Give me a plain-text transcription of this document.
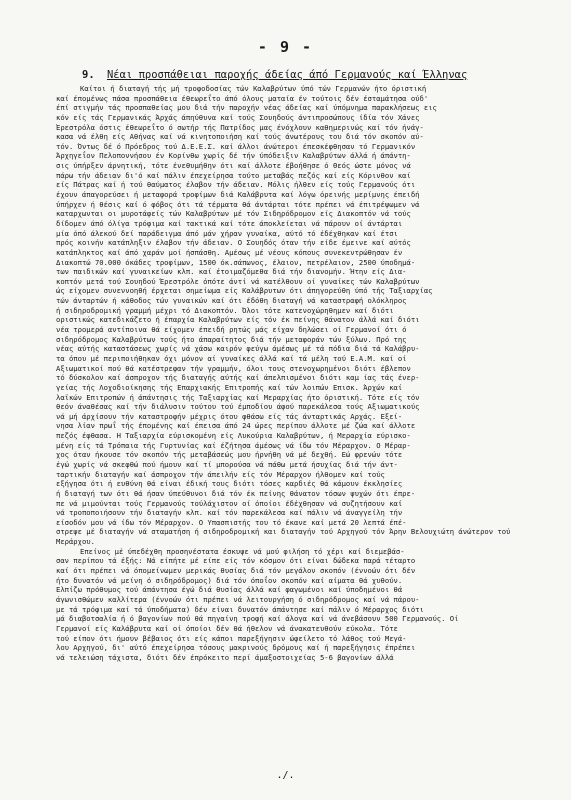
- 9 -
9. Νέαι προσπάθειαι παροχής άδείας άπό Γερμανούς καί Έλληνας
Καίτοι ή διαταγή τής μή τροφοδοσίας τών Καλαβρύτων ύπό τών Γερμανών ήτο όριστική
καί έπομένως πάσα προσπάθεια έθεωρεΐτο άπό όλους ματαία έν τούτοις δέν έσταμάτησα ούδ'
έπί στιγμήν τάς προσπαθείας μου διά τήν παροχήν νέας άδείας καί ύπόμνημα παρακλήσεως εις
κόν είς τάς Γερμανικάς Άρχάς άπηύθυνα καί τούς Σουηδούς άντιπροσώπους ίδία τόν Χάνες
Έρεστρόλα όστις έθεωρεΐτο ό σωτήρ τής Πατρίδος μας ένόχλουν καθημερινώς καί τόν ήνάγ-
κασα νά έλθη είς Αθήνας καί νά κινητοποιήση καί τούς άνωτέρους του διά τόν σκοπόν αύ-
τόν. Όντως δέ ό Πρόεδρος τού Δ.Ε.Ε.Σ. καί άλλοι άνώτεροι έπεσκέφθησαν τό Γερμανικόν
Άρχηγεΐον Πελοποννήσου έν Κορίνθω χωρίς δέ τήν ύπόδειξιν Καλαβρύτων άλλά ή άπάντη-
σις ύπήρξεν άρνητική, τότε ένεθυμήθην ότι καί άλλοτε έβοήθησε ό Θεός ώστε μόνος νά
πάρω τήν άδειαν δι'ό καί πάλιν έπεχείρησα τούτο μεταβάς πεζός καί είς Κόρινθον καί
είς Πάτρας καί ή τού θαύματος έλαβον τήν άδειαν. Μόλις ήλθεν είς τούς Γερμανούς ότι
έχουν άπαγορεύσει ή μεταφορά τροφίμων διά Καλάβρυτα καί λόγω όρεινής μερίμνης έπειδή
ύπήρχεν ή θέσις καί ό φόβος ότι τά τέρματα θά άντάρται τότε πρέπει νά έπιτρέψωμεν νά
καταρχωνται οι μυροτάφείς τών Καλαβρύτων μέ τόν Σιδηρόδρομον είς Διακοπτόν νά τούς
δίδομεν άπό όλίγα τρόφιμα καί τακτικά καί τότε άποκλείεται νά πάρουν οί άντάρται
μία όπό άλεκού δεί παράδειγμα άπό μάν χήραν γυναίκα, αύτό τό έδέχθηκαν καί έτσι
πρός κοινήν κατάπληξιν έλαβον τήν άδειαν. Ο Σουηδός όταν τήν είδε έμεινε καί αύτός
κατάπληκτος καί άπό χαράν μοί ήσπάσθη. Αμέσως μέ νέους κόπους συνεκεντρώθησαν έν
Διακοπτώ 70.000 όκάδες τροφίμων, 1500 όκ.σάπωνος, έλαιον, πετρέλαιον, 2500 ύποδημά-
των παιδικών καί γυναικείων κλπ. καί έτοιμαζόμεθα διά τήν διανομήν. Ήτην είς Δια-
κοπτόν μετά τού Σουηδού Έρεστρόλε όπότε άντί νά κατέλθουν οί γυναίκες τών Καλαβρύτων
ώς είχομεν συνεννοηθή έρχεται σημείωμα είς Καλάβρυτων ότι άπηγορεύθη ύπό τής Ταξιαρχίας
τών άνταρτών ή κάθοδος τών γυναικών καί ότι έδόθη διαταγή νά καταστραφή ολόκληρος
ή σιδηροδρομική γραμμή μέχρι τό Διακοπτόν. Όλοι τότε κατενοχώρηθημεν καί διότι
οριστικώς κατεδικάζετο ή έπαρχία Καλαβρύτων είς τόν έκ πείνης θάνατον άλλά καί διότι
νέα τρομερά αντίποινα θά είχομεν έπειδή ρητώς μάς είχαν δηλώσει οί Γερμανοί ότι ό
σιδηρόδρομος Καλαβρύτων τούς ήτο άπαραίτητος διά τήν μεταφοράν τών ξύλων. Πρό της
νέας αύτής καταστάσεως χωρίς νά χάσω καιρόν φεύγω άμέσως μέ τά πόδια διά τά Καλάβρυ-
τα όπου μέ περιποιήθηκαν όχι μόνον αί γυναίκες άλλά καί τά μέλη τού Ε.Α.Μ. καί οί
Αξιωματικοί πού θά κατέστρεφαν τήν γραμμήν, όλοι τους στενοχωρημένοι διότι έβλεπον
τό δύσκολον καί άσπροχον τής διαταγής αύτής καί άπελπισμένοι διότι καμ ίας τάς ένερ-
γείας τής Λοχοδιοίκησης τής Επαρχιακής Επιτροπής καί τών λοιπών Επισκ. Άρχών καί
λαϊκών Επιτροπών ή άπάντησις τής Ταξιαρχίας καί Μεραρχίας ήτο όριστική. Τότε είς τόν
θεόν άναθέσας καί τήν διάλυσιν τούτου τού έμποδίου άφού παρεκάλεσα τούς Αξιωματικούς
νά μή άρχίσουν τήν καταστροφήν μέχρις ότου φθάσω είς τάς άνταρτικάς Αρχάς. Εξεί-
νησα λίαν πρωΐ τής έπομένης καί έπεισα άπό 24 ώρες περίπου άλλοτε μέ ζώα καί άλλοτε
πεζός έφθασα. Η Ταξιαρχία εύρισκομένη είς Λυκούρια Καλαβρύτων, ή Μεραρχία εύρισκο-
μένη είς τά Τρόπαια τής Γυρτυνίας καί έζήτησα άμέσως νά ίδω τόν Μέραρχον. Ο Μέραρ-
χος όταν ήκουσε τόν σκοπόν τής μεταβάσεώς μου ήρνήθη νά μέ δεχθή. Εώ φρενών τότε
έγώ χωρίς νά σκεφθώ πού ήμουν καί τί μπορούσα νά πάθω μετά ήσυχίας διά τήν άντ-
ταρτικήν διαταγήν καί άσπροχον τήν άπειλήν είς τόν Μέραρχον ήλθομεν καί τούς
εξήγησα ότι ή ευθύνη θά είναι έδική τους διότι τόσες καρδιές θά κάμουν έκκλησίες
ή διαταγή των ότι θά ήσαν ύπεύθυνοι διά τόν έκ πείνης θάνατον τόσων ψυχών ότι έπρε-
πε νά μιμούνται τούς Γερμανούς τούλάχιστον οί όποίοι έδέχθησαν νά συζητήσουν καί
νά τροποποιήσουν τήν διαταγήν κλπ. καί τόν παρεκάλεσα καί πάλιν νά άναγγείλη τήν
είσοδόν μου νά ίδω τόν Μέραρχον. Ο Υπασπιστής του τό έκανε καί μετά 20 λεπτά έπέ-
στρεψε μέ διαταγήν νά σταματήση ή σιδηροδρομική και διαταγήν τού Αρχηγού τόν Άρην Βελουχιώτη άνώτερον τού
Μεράρχου.
Επείνος μέ ύπεδέχθη προσηνέστατα έσκυψε νά μού φιλήση τό χέρι καί διεμεβάσ-
σαν περίπου τά έξής: Νά είπήτε μέ είπε είς τόν κόσμον ότι είναι δώδεκα παρά τέταρτο
καί ότι πρέπει νά όπομείνωμεν μερικάς θυσίας διά τόν μεγάλον σκοπόν (έννοών ότι δέν
ήτο δυνατόν νά μείνη ό σιδηρόδρομος) διά τόν όποΐον σκοπόν καί αίματα θά χυθούν.
Ελπίζω πρόθυμος τού άπάντησα έγώ διά θυσίας άλλά καί φαγωμένοι καί ύποδημένοι θά
άγωνισθώμεν καλλίτερα (έννοών ότι πρέπει νά λειτουργήση ό σιδηρόδρομος καί νά πάρου-
με τά τρόφιμα καί τά ύποδήματα) δέν είναι δυνατόν άπάντησε καί πάλιν ό Μέραρχος διότι
μά διαβοτσαλία ή ό βαγονίων πού θά πηγαίνη τροφή καί άλογα καί νά άνεβάσουν 500 Γερμανούς. Οί
Γερμανοί είς Καλάβρυτα καί οί όποίοι δέν θά ήθελον νά άνακατευθούν εύκολα. Τότε
τού είπον ότι ήμουν βέβαιος ότι είς κάποι παρεξήγησιν ώφείλετο τό λάθος τού Μεγά-
λου Αρχηγού, δι' αύτό έπεχείρησα τόσους μακρινούς δρόμους καί ή παρεξήγησις έπρέπει
νά τελειώση τάχιστα, διότι δέν έπρόκειτο περί άμαξοστοιχείας 5-6 βαγονίων άλλά
./.
